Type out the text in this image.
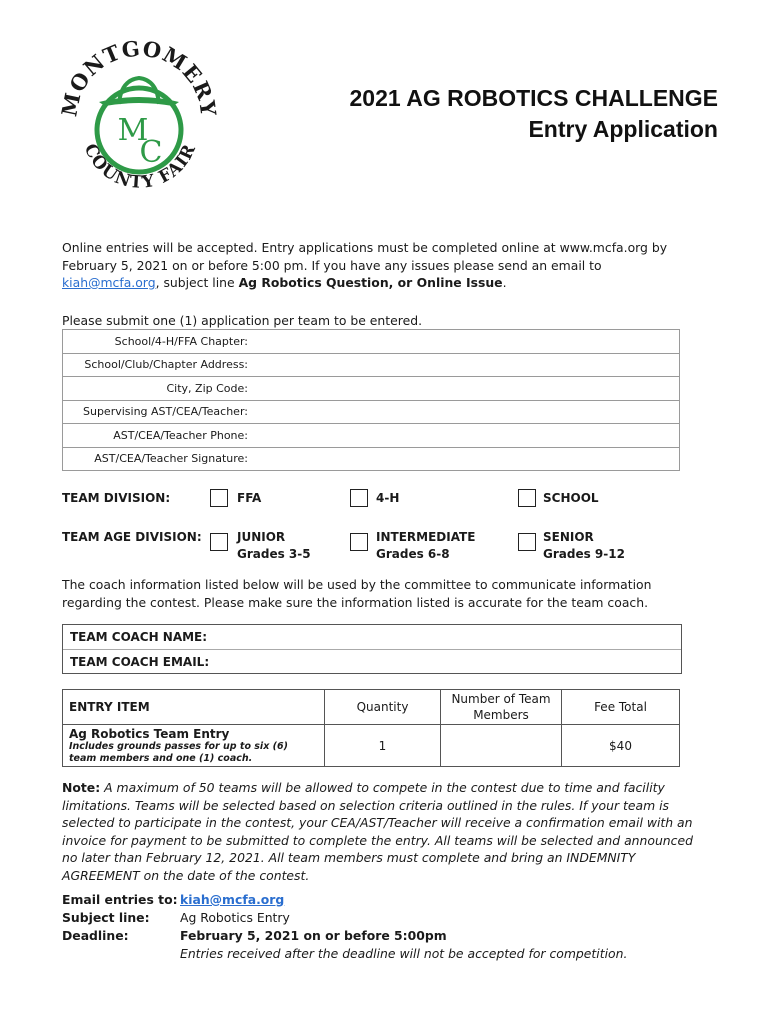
MONTGOMERY
M
C
COUNTY FAIR
2021 AG ROBOTICS CHALLENGE
Entry Application
Online entries will be accepted. Entry applications must be completed online at www.mcfa.org by February 5, 2021 on or before 5:00 pm. If you have any issues please send an email to kiah@mcfa.org, subject line Ag Robotics Question, or Online Issue.
Please submit one (1) application per team to be entered.
School/4-H/FFA Chapter:	
School/Club/Chapter Address:	
City, Zip Code:	
Supervising AST/CEA/Teacher:	
AST/CEA/Teacher Phone:	
AST/CEA/Teacher Signature:	
TEAM DIVISION:	FFA	4-H	SCHOOL
TEAM AGE DIVISION:	JUNIOR
Grades 3-5
INTERMEDIATE
Grades 6-8
SENIOR
Grades 9-12
The coach information listed below will be used by the committee to communicate information regarding the contest. Please make sure the information listed is accurate for the team coach.
TEAM COACH NAME:
TEAM COACH EMAIL:
ENTRY ITEM	Quantity	Number of Team Members	Fee Total

Ag Robotics Team Entry
Includes grounds passes for up to six (6) team members and one (1) coach.	1		$40
Note: A maximum of 50 teams will be allowed to compete in the contest due to time and facility limitations. Teams will be selected based on selection criteria outlined in the rules. If your team is selected to participate in the contest, your CEA/AST/Teacher will receive a confirmation email with an invoice for payment to be submitted to complete the entry. All teams will be selected and announced no later than February 12, 2021. All team members must complete and bring an INDEMNITY AGREEMENT on the date of the contest.
Email entries to: kiah@mcfa.org
Subject line: Ag Robotics Entry
Deadline:	February 5, 2021 on or before 5:00pm
Entries received after the deadline will not be accepted for competition.
